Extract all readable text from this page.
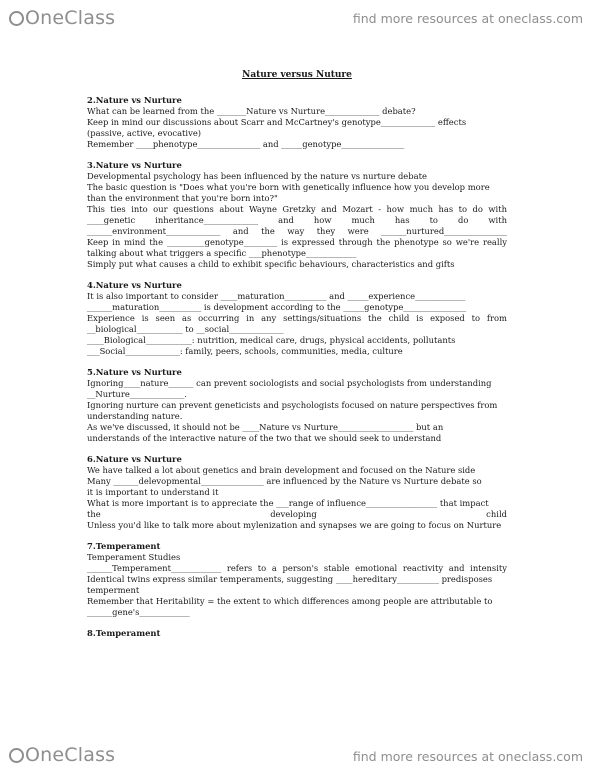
OneClass	find more resources at oneclass.com
Nature versus Nuture

2.Nature vs Nurture

What can be learned from the _______Nature vs Nurture_____________ debate?

Keep in mind our discussions about Scarr and McCartney's genotype_____________ effects

(passive, active, evocative)

Remember ____phenotype_______________ and _____genotype_______________

3.Nature vs Nurture

Developmental psychology has been influenced by the nature vs nurture debate

The basic question is "Does what you're born with genetically influence how you develop more

than the environment that you're born into?"

This ties into our questions about Wayne Gretzky and Mozart - how much has to do with

____genetic inheritance_____________ and how much has to do with

______environment_____________ and the way they were ______nurtured_______________

Keep in mind the _________genotype________ is expressed through the phenotype so we're really

talking about what triggers a specific ___phenotype____________

Simply put what causes a child to exhibit specific behaviours, characteristics and gifts

4.Nature vs Nurture

It is also important to consider ____maturation__________ and _____experience____________

______maturation__________ is development according to the _____genotype_______________

Experience is seen as occurring in any settings/situations the child is exposed to from

__biological___________ to __social_____________

____Biological___________: nutrition, medical care, drugs, physical accidents, pollutants

___Social_____________: family, peers, schools, communities, media, culture

5.Nature vs Nurture

Ignoring____nature______ can prevent sociologists and social psychologists from understanding

__Nurture_____________.

Ignoring nurture can prevent geneticists and psychologists focused on nature perspectives from

understanding nature.

As we've discussed, it should not be ____Nature vs Nurture__________________ but an

understands of the interactive nature of the two that we should seek to understand

6.Nature vs Nurture

We have talked a lot about genetics and brain development and focused on the Nature side

Many ______delevopmental_______________ are influenced by the Nature vs Nurture debate so

it is important to understand it

What is more important is to appreciate the ___range of influence_________________ that impact

the developing child

Unless you'd like to talk more about mylenization and synapses we are going to focus on Nurture

7.Temperament

Temperament Studies

______Temperament____________ refers to a person's stable emotional reactivity and intensity

Identical twins express similar temperaments, suggesting ____hereditary__________ predisposes

temperment

Remember that Heritability = the extent to which differences among people are attributable to

______gene's____________

8.Temperament

OneClass	find more resources at oneclass.com
